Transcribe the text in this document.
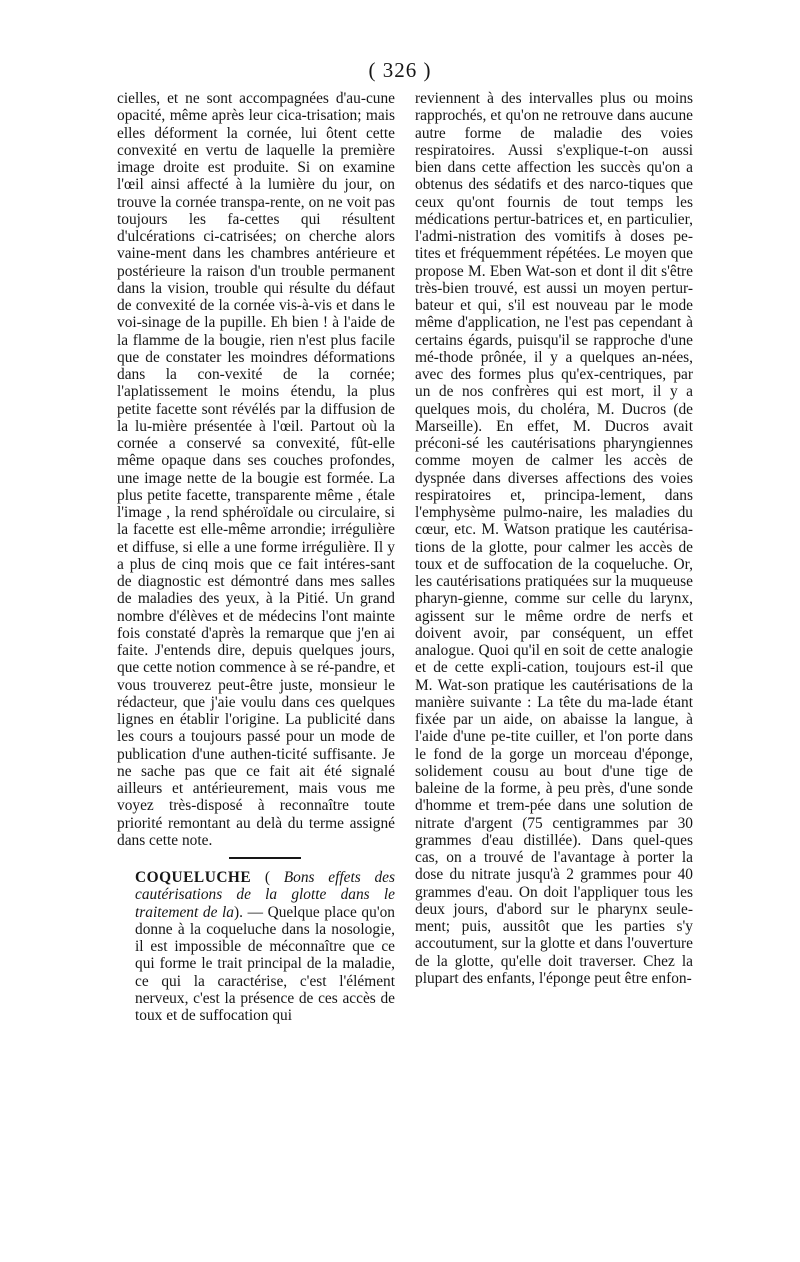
( 326 )
cielles, et ne sont accompagnées d'au-cune opacité, même après leur cica-trisation; mais elles déforment la cornée, lui ôtent cette convexité en vertu de laquelle la première image droite est produite. Si on examine l'œil ainsi affecté à la lumière du jour, on trouve la cornée transpa-rente, on ne voit pas toujours les fa-cettes qui résultent d'ulcérations ci-catrisées; on cherche alors vaine-ment dans les chambres antérieure et postérieure la raison d'un trouble permanent dans la vision, trouble qui résulte du défaut de convexité de la cornée vis-à-vis et dans le voi-sinage de la pupille. Eh bien ! à l'aide de la flamme de la bougie, rien n'est plus facile que de constater les moindres déformations dans la con-vexité de la cornée; l'aplatissement le moins étendu, la plus petite facette sont révélés par la diffusion de la lu-mière présentée à l'œil. Partout où la cornée a conservé sa convexité, fût-elle même opaque dans ses couches profondes, une image nette de la bougie est formée. La plus petite facette, transparente même , étale l'image , la rend sphéroïdale ou circulaire, si la facette est elle-même arrondie; irrégulière et diffuse, si elle a une forme irrégulière. Il y a plus de cinq mois que ce fait intéres-sant de diagnostic est démontré dans mes salles de maladies des yeux, à la Pitié. Un grand nombre d'élèves et de médecins l'ont mainte fois constaté d'après la remarque que j'en ai faite. J'entends dire, depuis quelques jours, que cette notion commence à se ré-pandre, et vous trouverez peut-être juste, monsieur le rédacteur, que j'aie voulu dans ces quelques lignes en établir l'origine. La publicité dans les cours a toujours passé pour un mode de publication d'une authen-ticité suffisante. Je ne sache pas que ce fait ait été signalé ailleurs et antérieurement, mais vous me voyez très-disposé à reconnaître toute priorité remontant au delà du terme assigné dans cette note.
COQUELUCHE ( Bons effets des cautérisations de la glotte dans le traitement de la). — Quelque place qu'on donne à la coqueluche dans la nosologie, il est impossible de méconnaître que ce qui forme le trait principal de la maladie, ce qui la caractérise, c'est l'élément nerveux, c'est la présence de ces accès de toux et de suffocation qui
reviennent à des intervalles plus ou moins rapprochés, et qu'on ne retrouve dans aucune autre forme de maladie des voies respiratoires. Aussi s'explique-t-on aussi bien dans cette affection les succès qu'on a obtenus des sédatifs et des narco-tiques que ceux qu'ont fournis de tout temps les médications pertur-batrices et, en particulier, l'admi-nistration des vomitifs à doses pe-tites et fréquemment répétées. Le moyen que propose M. Eben Wat-son et dont il dit s'être très-bien trouvé, est aussi un moyen pertur-bateur et qui, s'il est nouveau par le mode même d'application, ne l'est pas cependant à certains égards, puisqu'il se rapproche d'une mé-thode prônée, il y a quelques an-nées, avec des formes plus qu'ex-centriques, par un de nos confrères qui est mort, il y a quelques mois, du choléra, M. Ducros (de Marseille). En effet, M. Ducros avait préconi-sé les cautérisations pharyngiennes comme moyen de calmer les accès de dyspnée dans diverses affections des voies respiratoires et, principa-lement, dans l'emphysème pulmo-naire, les maladies du cœur, etc. M. Watson pratique les cautérisa-tions de la glotte, pour calmer les accès de toux et de suffocation de la coqueluche. Or, les cautérisations pratiquées sur la muqueuse pharyn-gienne, comme sur celle du larynx, agissent sur le même ordre de nerfs et doivent avoir, par conséquent, un effet analogue. Quoi qu'il en soit de cette analogie et de cette expli-cation, toujours est-il que M. Wat-son pratique les cautérisations de la manière suivante : La tête du ma-lade étant fixée par un aide, on abaisse la langue, à l'aide d'une pe-tite cuiller, et l'on porte dans le fond de la gorge un morceau d'éponge, solidement cousu au bout d'une tige de baleine de la forme, à peu près, d'une sonde d'homme et trem-pée dans une solution de nitrate d'argent (75 centigrammes par 30 grammes d'eau distillée). Dans quel-ques cas, on a trouvé de l'avantage à porter la dose du nitrate jusqu'à 2 grammes pour 40 grammes d'eau. On doit l'appliquer tous les deux jours, d'abord sur le pharynx seule-ment; puis, aussitôt que les parties s'y accoutument, sur la glotte et dans l'ouverture de la glotte, qu'elle doit traverser. Chez la plupart des enfants, l'éponge peut être enfon-
